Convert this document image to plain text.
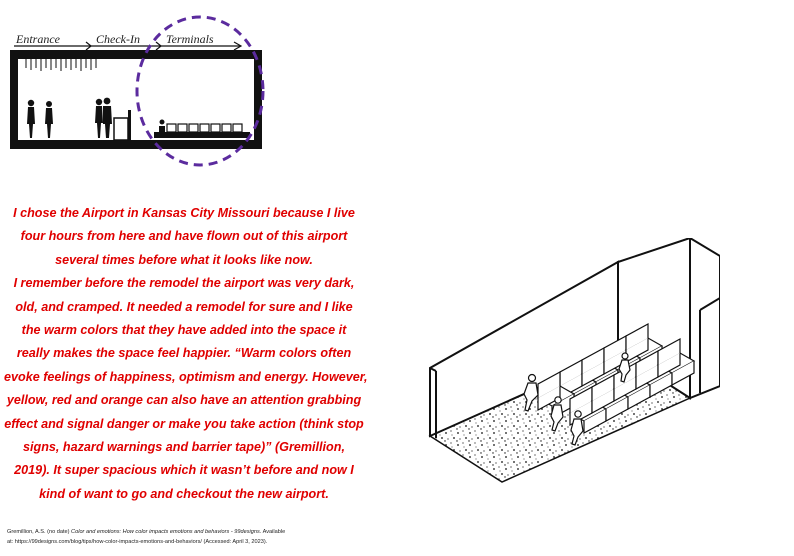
Entrance	Check-In Terminals

I chose the Airport in Kansas City Missouri because I live
four hours from here and have flown out of this airport
several times before what it looks like now.
I remember before the remodel the airport was very dark,
old, and cramped. It needed a remodel for sure and I like
the warm colors that they have added into the space it
really makes the space feel happier. “Warm colors often
evoke feelings of happiness, optimism and energy. However,
yellow, red and orange can also have an attention grabbing
effect and signal danger or make you take action (think stop
signs, hazard warnings and barrier tape)” (Gremillion,
2019). It super spacious which it wasn’t before and now I
kind of want to go and checkout the new airport.

Gremillion, A.S. (no date) Color and emotions: How color impacts emotions and behaviors - 99designs. Available
at: https://99designs.com/blog/tips/how-color-impacts-emotions-and-behaviors/ (Accessed: April 3, 2023).
